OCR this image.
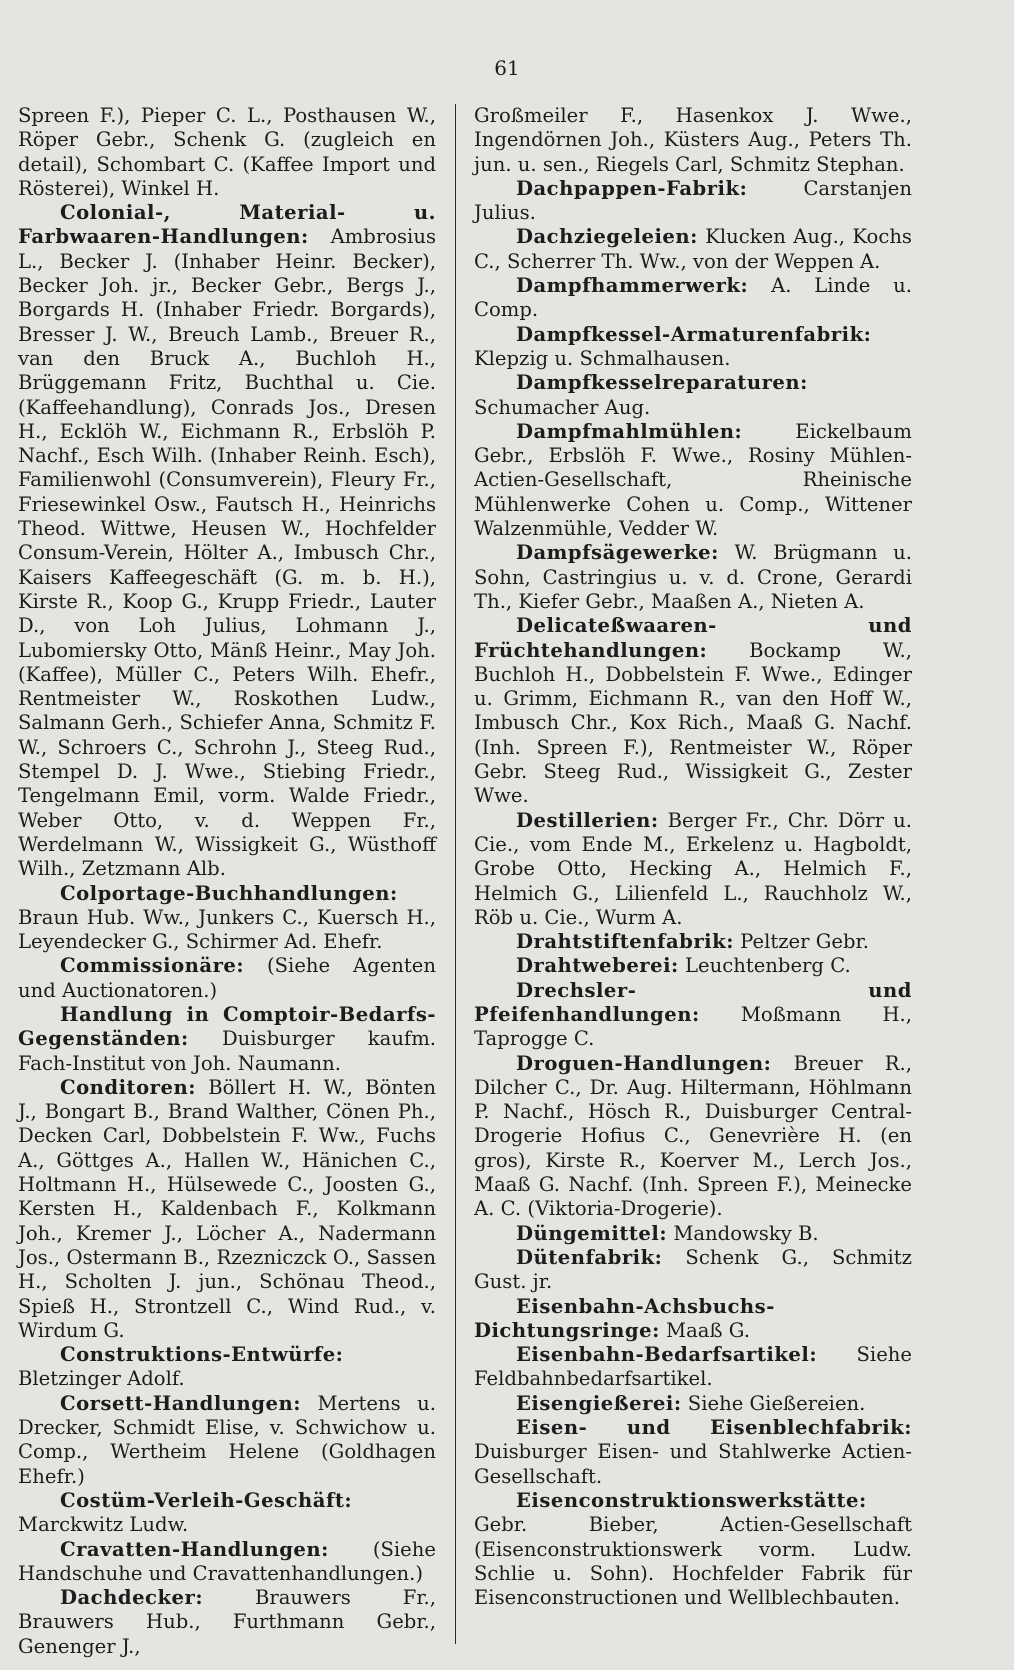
61

Spreen F.), Pieper C. L., Posthausen W., Röper Gebr., Schenk G. (zugleich en detail), Schombart C. (Kaffee Import und Rösterei), Winkel H.

Colonial-, Material- u. Farbwaaren-Handlungen: Ambrosius L., Becker J. (Inhaber Heinr. Becker), Becker Joh. jr., Becker Gebr., Bergs J., Borgards H. (Inhaber Friedr. Borgards), Bresser J. W., Breuch Lamb., Breuer R., van den Bruck A., Buchloh H., Brüggemann Fritz, Buchthal u. Cie. (Kaffeehandlung), Conrads Jos., Dresen H., Ecklöh W., Eichmann R., Erbslöh P. Nachf., Esch Wilh. (Inhaber Reinh. Esch), Familienwohl (Consumverein), Fleury Fr., Friesewinkel Osw., Fautsch H., Heinrichs Theod. Wittwe, Heusen W., Hochfelder Consum-Verein, Hölter A., Imbusch Chr., Kaisers Kaffeegeschäft (G. m. b. H.), Kirste R., Koop G., Krupp Friedr., Lauter D., von Loh Julius, Lohmann J., Lubomiersky Otto, Mänß Heinr., May Joh. (Kaffee), Müller C., Peters Wilh. Ehefr., Rentmeister W., Roskothen Ludw., Salmann Gerh., Schiefer Anna, Schmitz F. W., Schroers C., Schrohn J., Steeg Rud., Stempel D. J. Wwe., Stiebing Friedr., Tengelmann Emil, vorm. Walde Friedr., Weber Otto, v. d. Weppen Fr., Werdelmann W., Wissigkeit G., Wüsthoff Wilh., Zetzmann Alb.

Colportage-Buchhandlungen: Braun Hub. Ww., Junkers C., Kuersch H., Leyendecker G., Schirmer Ad. Ehefr.

Commissionäre: (Siehe Agenten und Auctionatoren.)

Handlung in Comptoir-Bedarfs-Gegenständen: Duisburger kaufm. Fach-Institut von Joh. Naumann.

Conditoren: Böllert H. W., Bönten J., Bongart B., Brand Walther, Cönen Ph., Decken Carl, Dobbelstein F. Ww., Fuchs A., Göttges A., Hallen W., Hänichen C., Holtmann H., Hülsewede C., Joosten G., Kersten H., Kaldenbach F., Kolkmann Joh., Kremer J., Löcher A., Nadermann Jos., Ostermann B., Rzezniczck O., Sassen H., Scholten J. jun., Schönau Theod., Spieß H., Strontzell C., Wind Rud., v. Wirdum G.

Construktions-Entwürfe: Bletzinger Adolf.

Corsett-Handlungen: Mertens u. Drecker, Schmidt Elise, v. Schwichow u. Comp., Wertheim Helene (Goldhagen Ehefr.)

Costüm-Verleih-Geschäft: Marckwitz Ludw.

Cravatten-Handlungen: (Siehe Handschuhe und Cravattenhandlungen.)

Dachdecker:	Brauwers Fr., Brauwers Hub., Furthmann Gebr., Genenger J.,

Großmeiler F., Hasenkox J. Wwe., Ingendörnen Joh., Küsters Aug., Peters Th. jun. u. sen., Riegels Carl, Schmitz Stephan.

Dachpappen-Fabrik:	Carstanjen Julius.

Dachziegeleien: Klucken Aug., Kochs C., Scherrer Th. Ww., von der Weppen A.

Dampfhammerwerk: A. Linde u. Comp.

Dampfkessel-Armaturenfabrik: Klepzig u. Schmalhausen.

Dampfkesselreparaturen: Schumacher Aug.

Dampfmahlmühlen:	Eickelbaum Gebr., Erbslöh F. Wwe., Rosiny Mühlen-Actien-Gesellschaft, Rheinische Mühlenwerke Cohen u. Comp., Wittener Walzenmühle, Vedder W.

Dampfsägewerke: W. Brügmann u. Sohn, Castringius u. v. d. Crone, Gerardi Th., Kiefer Gebr., Maaßen A., Nieten A.

Delicateßwaaren- und Früchtehandlungen: Bockamp W., Buchloh H., Dobbelstein F. Wwe., Edinger u. Grimm, Eichmann R., van den Hoff W., Imbusch Chr., Kox Rich., Maaß G. Nachf. (Inh. Spreen F.), Rentmeister W., Röper Gebr. Steeg Rud., Wissigkeit G., Zester Wwe.

Destillerien: Berger Fr., Chr. Dörr u. Cie., vom Ende M., Erkelenz u. Hagboldt, Grobe Otto, Hecking A., Helmich F., Helmich G., Lilienfeld L., Rauchholz W., Röb u. Cie., Wurm A.

Drahtstiftenfabrik: Peltzer Gebr.

Drahtweberei: Leuchtenberg C.

Drechsler- und Pfeifenhandlungen: Moßmann H., Taprogge C.

Droguen-Handlungen: Breuer R., Dilcher C., Dr. Aug. Hiltermann, Höhlmann P. Nachf., Hösch R., Duisburger Central-Drogerie Hofius C., Genevrière H. (en gros), Kirste R., Koerver M., Lerch Jos., Maaß G. Nachf. (Inh. Spreen F.), Meinecke A. C. (Viktoria-Drogerie).

Düngemittel: Mandowsky B.

Dütenfabrik: Schenk G., Schmitz Gust. jr.

Eisenbahn-Achsbuchs-Dichtungsringe: Maaß G.

Eisenbahn-Bedarfsartikel: Siehe Feldbahnbedarfsartikel.

Eisengießerei: Siehe Gießereien.

Eisen- und Eisenblechfabrik: Duisburger Eisen- und Stahlwerke Actien-Gesellschaft.

Eisenconstruktionswerkstätte: Gebr. Bieber, Actien-Gesellschaft (Eisenconstruktionswerk vorm. Ludw. Schlie u. Sohn). Hochfelder Fabrik für Eisenconstructionen und Wellblechbauten.
